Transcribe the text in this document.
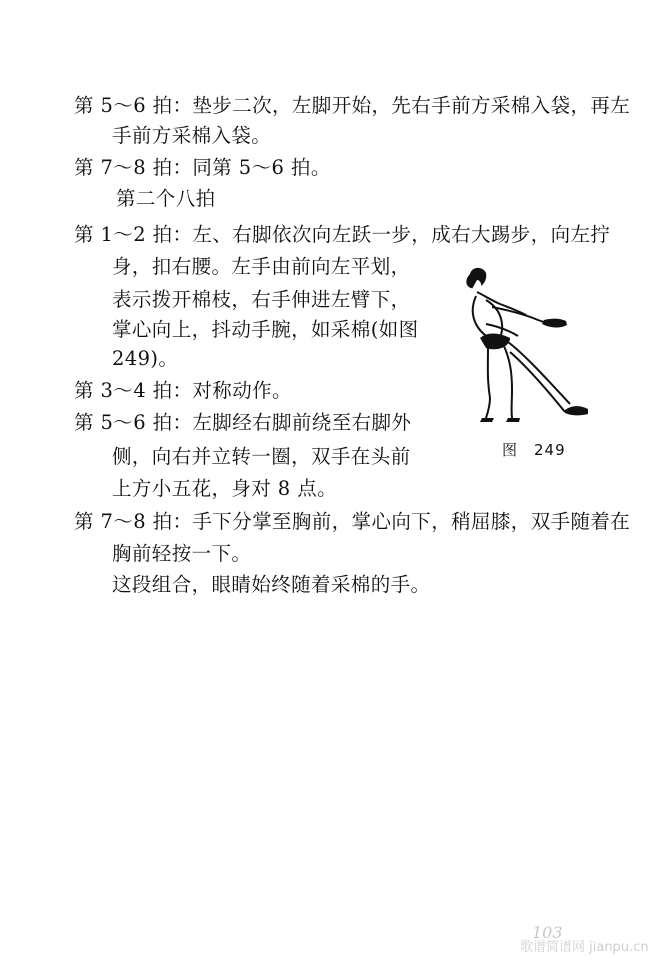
第 5～6 拍：垫步二次，左脚开始，先右手前方采棉入袋，再左
手前方采棉入袋。
第 7～8 拍：同第 5～6 拍。
第二个八拍
第 1～2 拍：左、右脚依次向左跃一步，成右大踢步，向左拧
身，扣右腰。左手由前向左平划，
表示拨开棉枝，右手伸进左臂下，
掌心向上，抖动手腕，如采棉(如图
249)。
第 3～4 拍：对称动作。
第 5～6 拍：左脚经右脚前绕至右脚外
侧，向右并立转一圈，双手在头前
上方小五花，身对 8 点。
第 7～8 拍：手下分掌至胸前，掌心向下，稍屈膝，双手随着在
胸前轻按一下。
这段组合，眼睛始终随着采棉的手。
图　249
103
歌谱简谱网 jianpu.cn
